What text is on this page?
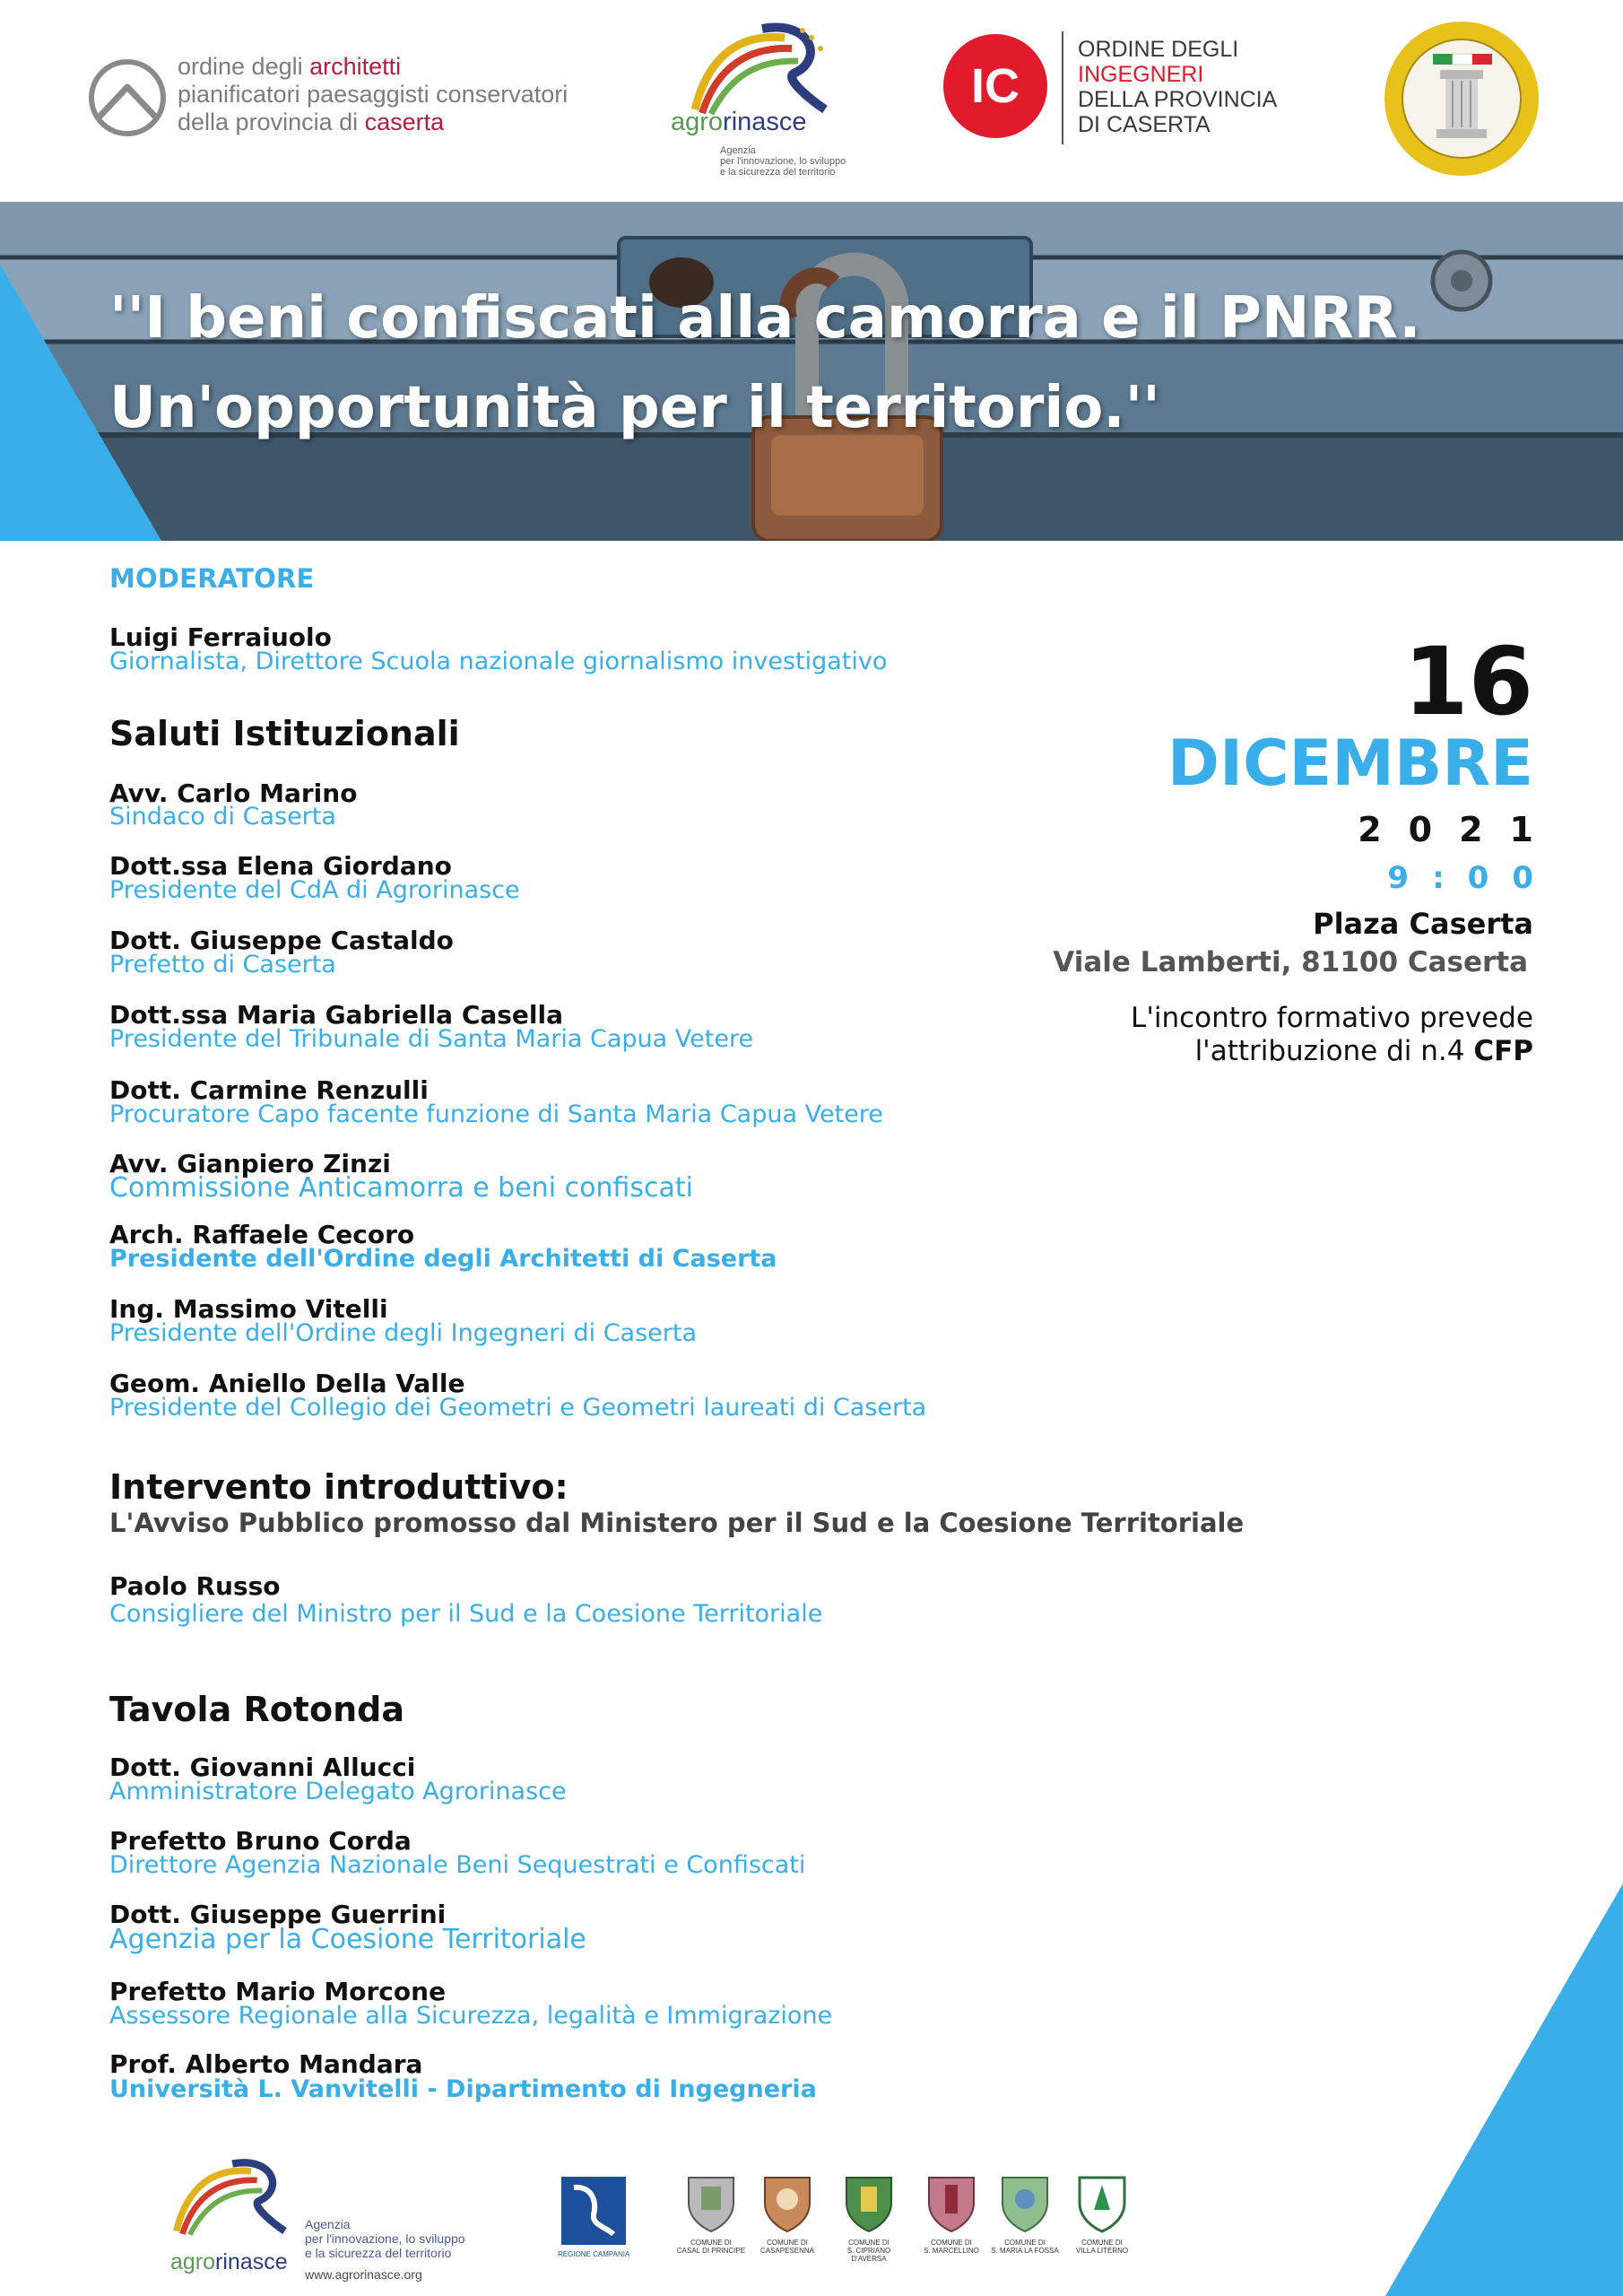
ordine degli architetti
pianificatori paesaggisti conservatori
della provincia di caserta	agrorinasce
Agenzia
per l'innovazione, lo sviluppo
e la sicurezza del territorio
IC
ORDINE DEGLI
INGEGNERI
DELLA PROVINCIA
DI CASERTA
''I beni confiscati alla camorra e il PNRR.
Un'opportunità per il territorio.''
MODERATORE
Luigi Ferraiuolo
Giornalista, Direttore Scuola nazionale giornalismo investigativo
Saluti Istituzionali
Avv. Carlo Marino
Sindaco di Caserta
Dott.ssa Elena Giordano
Presidente del CdA di Agrorinasce
Dott. Giuseppe Castaldo
Prefetto di Caserta
Dott.ssa Maria Gabriella Casella
Presidente del Tribunale di Santa Maria Capua Vetere
Dott. Carmine Renzulli
Procuratore Capo facente funzione di Santa Maria Capua Vetere
Avv. Gianpiero Zinzi
Commissione Anticamorra e beni confiscati
Arch. Raffaele Cecoro
Presidente dell'Ordine degli Architetti di Caserta
Ing. Massimo Vitelli
Presidente dell'Ordine degli Ingegneri di Caserta
Geom. Aniello Della Valle
Presidente del Collegio dei Geometri e Geometri laureati di Caserta
Intervento introduttivo:
L'Avviso Pubblico promosso dal Ministero per il Sud e la Coesione Territoriale
Paolo Russo
Consigliere del Ministro per il Sud e la Coesione Territoriale
Tavola Rotonda
Dott. Giovanni Allucci
Amministratore Delegato Agrorinasce
Prefetto Bruno Corda
Direttore Agenzia Nazionale Beni Sequestrati e Confiscati
Dott. Giuseppe Guerrini
Agenzia per la Coesione Territoriale
Prefetto Mario Morcone
Assessore Regionale alla Sicurezza, legalità e Immigrazione
Prof. Alberto Mandara
Università L. Vanvitelli - Dipartimento di Ingegneria
16
DICEMBRE
2021
9:00
Plaza Caserta
Viale Lamberti, 81100 Caserta
L'incontro formativo prevede
l'attribuzione di n.4 CFP
agrorinasce
Agenzia
per l'innovazione, lo sviluppo
e la sicurezza del territorio
www.agrorinasce.org
REGIONE CAMPANIA
COMUNE DI
CASAL DI PRINCIPE
COMUNE DI
CASAPESENNA
COMUNE DI
S. CIPRIANO D'AVERSA
COMUNE DI
S. MARCELLINO
COMUNE DI
S. MARIA LA FOSSA
COMUNE DI
VILLA LITERNO
